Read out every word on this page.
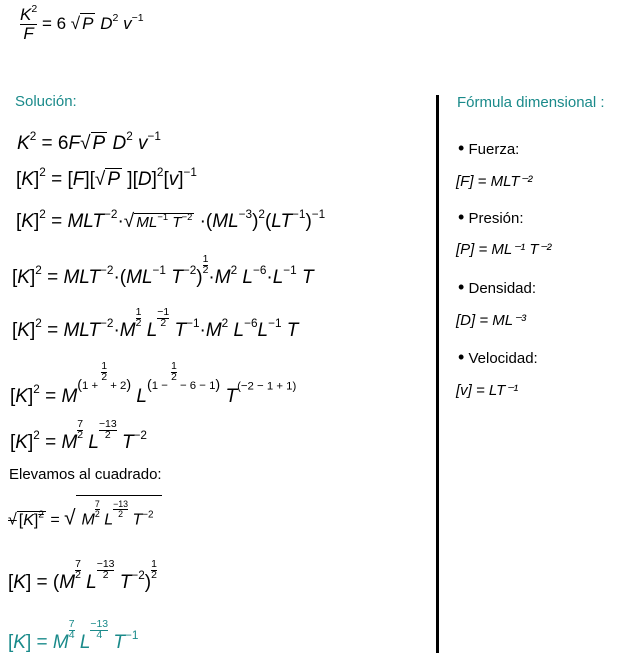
$\frac{K^2}{F} = 6$ √ P $D^2$ $v^{-1}$
Solución:
$K^2 = 6F√$ P $D^2$ $v^{-1}$
$[K]^2 = [F][√$ P ]$[D]^2[v]^{-1}$
$[K]^2 = MLT^{-2}\cdot√$ $ML^{-1}$ $T^{-2} \cdot(ML^{-3})^2(LT^{-1})^{-1}$
$[K]^2 = MLT^{-2}\cdot(ML^{-1}$ $T^{-2}$)
$\frac{1}{2}$
$\cdot M^2$ $L^{-6}\cdot L^{-1}$ T
$[K]^2 = MLT^{-2}\cdot M$
$\frac{1}{2}$
L
$\frac{-1}{2}$
$T^{-1}\cdot M^2$ $L^{-6}L^{-1}$ T
$[K]^2 = M^{(1 + \frac{1}{2} + 2)}$ $L^{(1 - \frac{1}{2} - 6 - 1)}$ $T^{(-2 - 1 + 1)}$
$[K]^2 = M$
$\frac{7}{2}$
L
$\frac{-13}{2}$
$T^{-2}$
Elevamos al cuadrado:
√ $[K]^2$ = √ M
$\frac{7}{2}$
L
$\frac{-13}{2}$
$T^{-2}$
[K] = (M
$\frac{7}{2}$
L
$\frac{-13}{2}$
$T^{-2}$)
$\frac{1}{2}$
[K] = M
$\frac{7}{4}$
L
$\frac{-13}{4}$
$T^{-1}$
Fórmula dimensional :
• Fuerza:
[F] = MLT⁻²
• Presión:
[P] = ML⁻¹ T⁻²
• Densidad:
[D] = ML⁻³
• Velocidad:
[v] = LT⁻¹
